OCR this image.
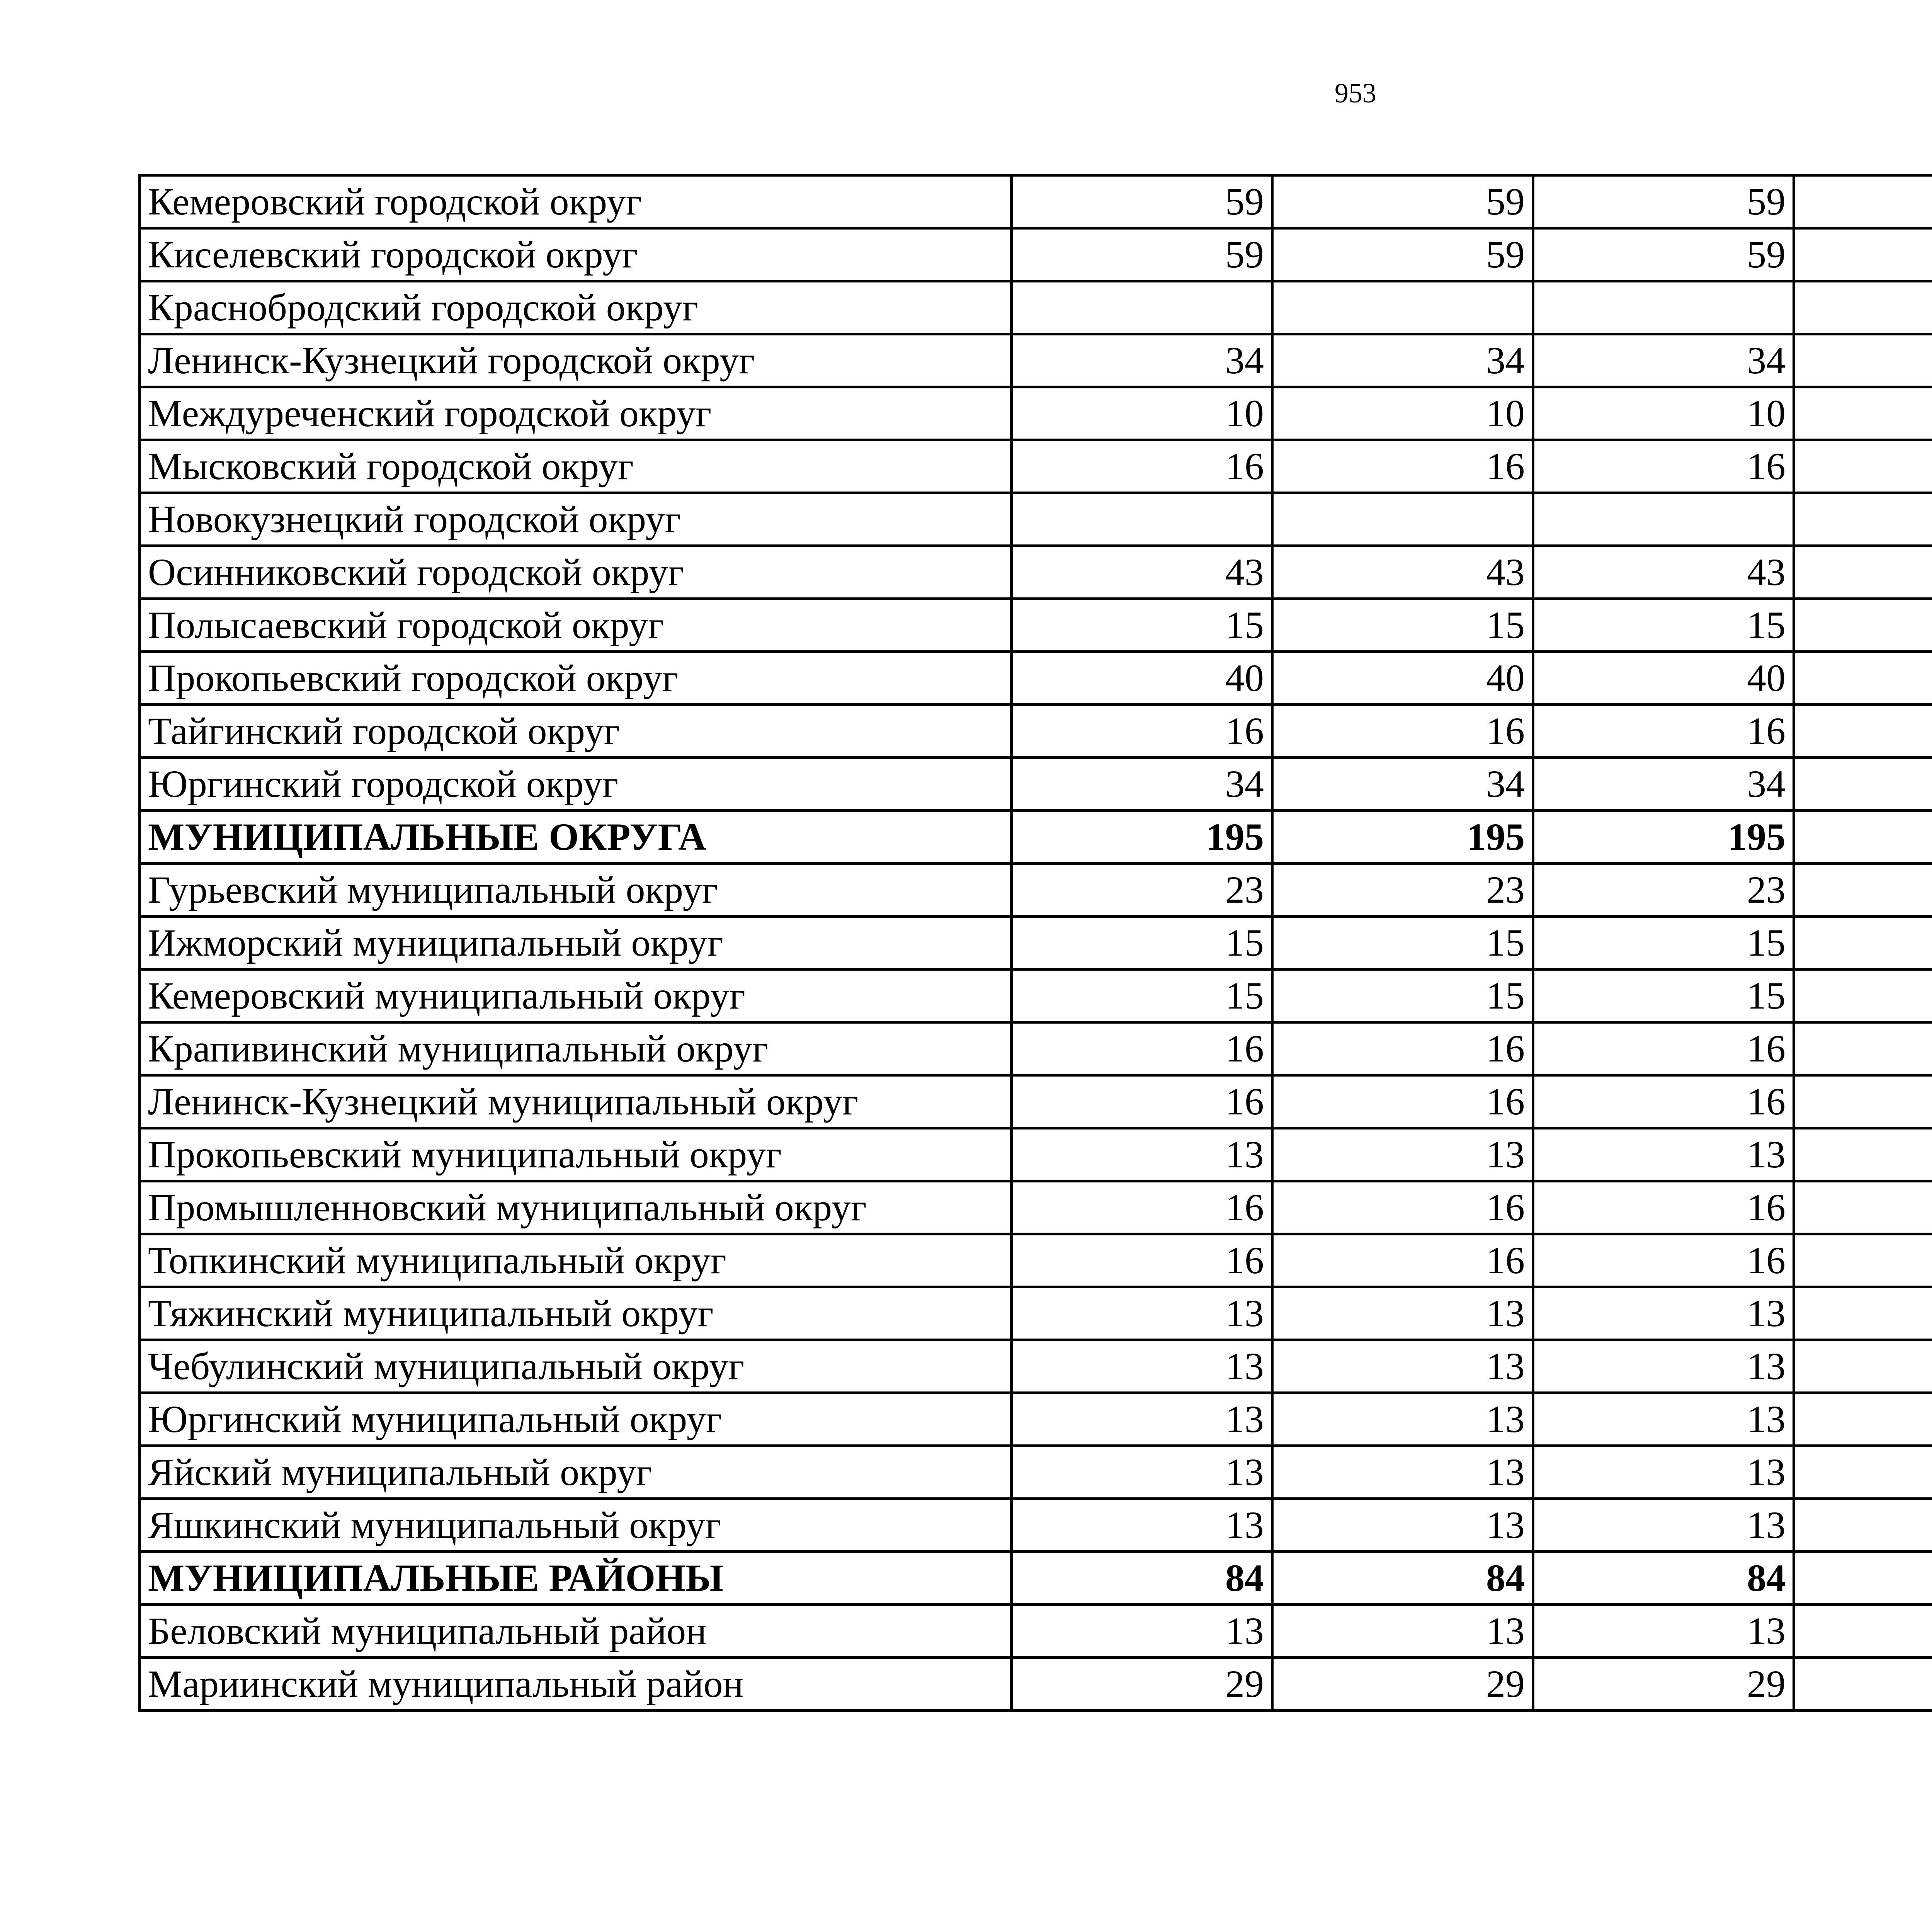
953
Кемеровский городской округ	59	59	59			
Киселевский городской округ	59	59	59			
Краснобродский городской округ						
Ленинск-Кузнецкий городской округ	34	34	34			
Междуреченский городской округ	10	10	10			
Мысковский городской округ	16	16	16			
Новокузнецкий городской округ						
Осинниковский городской округ	43	43	43			
Полысаевский городской округ	15	15	15			
Прокопьевский городской округ	40	40	40			
Тайгинский городской округ	16	16	16			
Юргинский городской округ	34	34	34			
МУНИЦИПАЛЬНЫЕ ОКРУГА	195	195	195			
Гурьевский муниципальный округ	23	23	23			
Ижморский муниципальный округ	15	15	15			
Кемеровский муниципальный округ	15	15	15			
Крапивинский муниципальный округ	16	16	16			
Ленинск-Кузнецкий муниципальный округ	16	16	16			
Прокопьевский муниципальный округ	13	13	13			
Промышленновский муниципальный округ	16	16	16			
Топкинский муниципальный округ	16	16	16			
Тяжинский муниципальный округ	13	13	13			
Чебулинский муниципальный округ	13	13	13			
Юргинский муниципальный округ	13	13	13			
Яйский муниципальный округ	13	13	13			
Яшкинский муниципальный округ	13	13	13			
МУНИЦИПАЛЬНЫЕ РАЙОНЫ	84	84	84			
Беловский муниципальный район	13	13	13			
Мариинский муниципальный район	29	29	29			
